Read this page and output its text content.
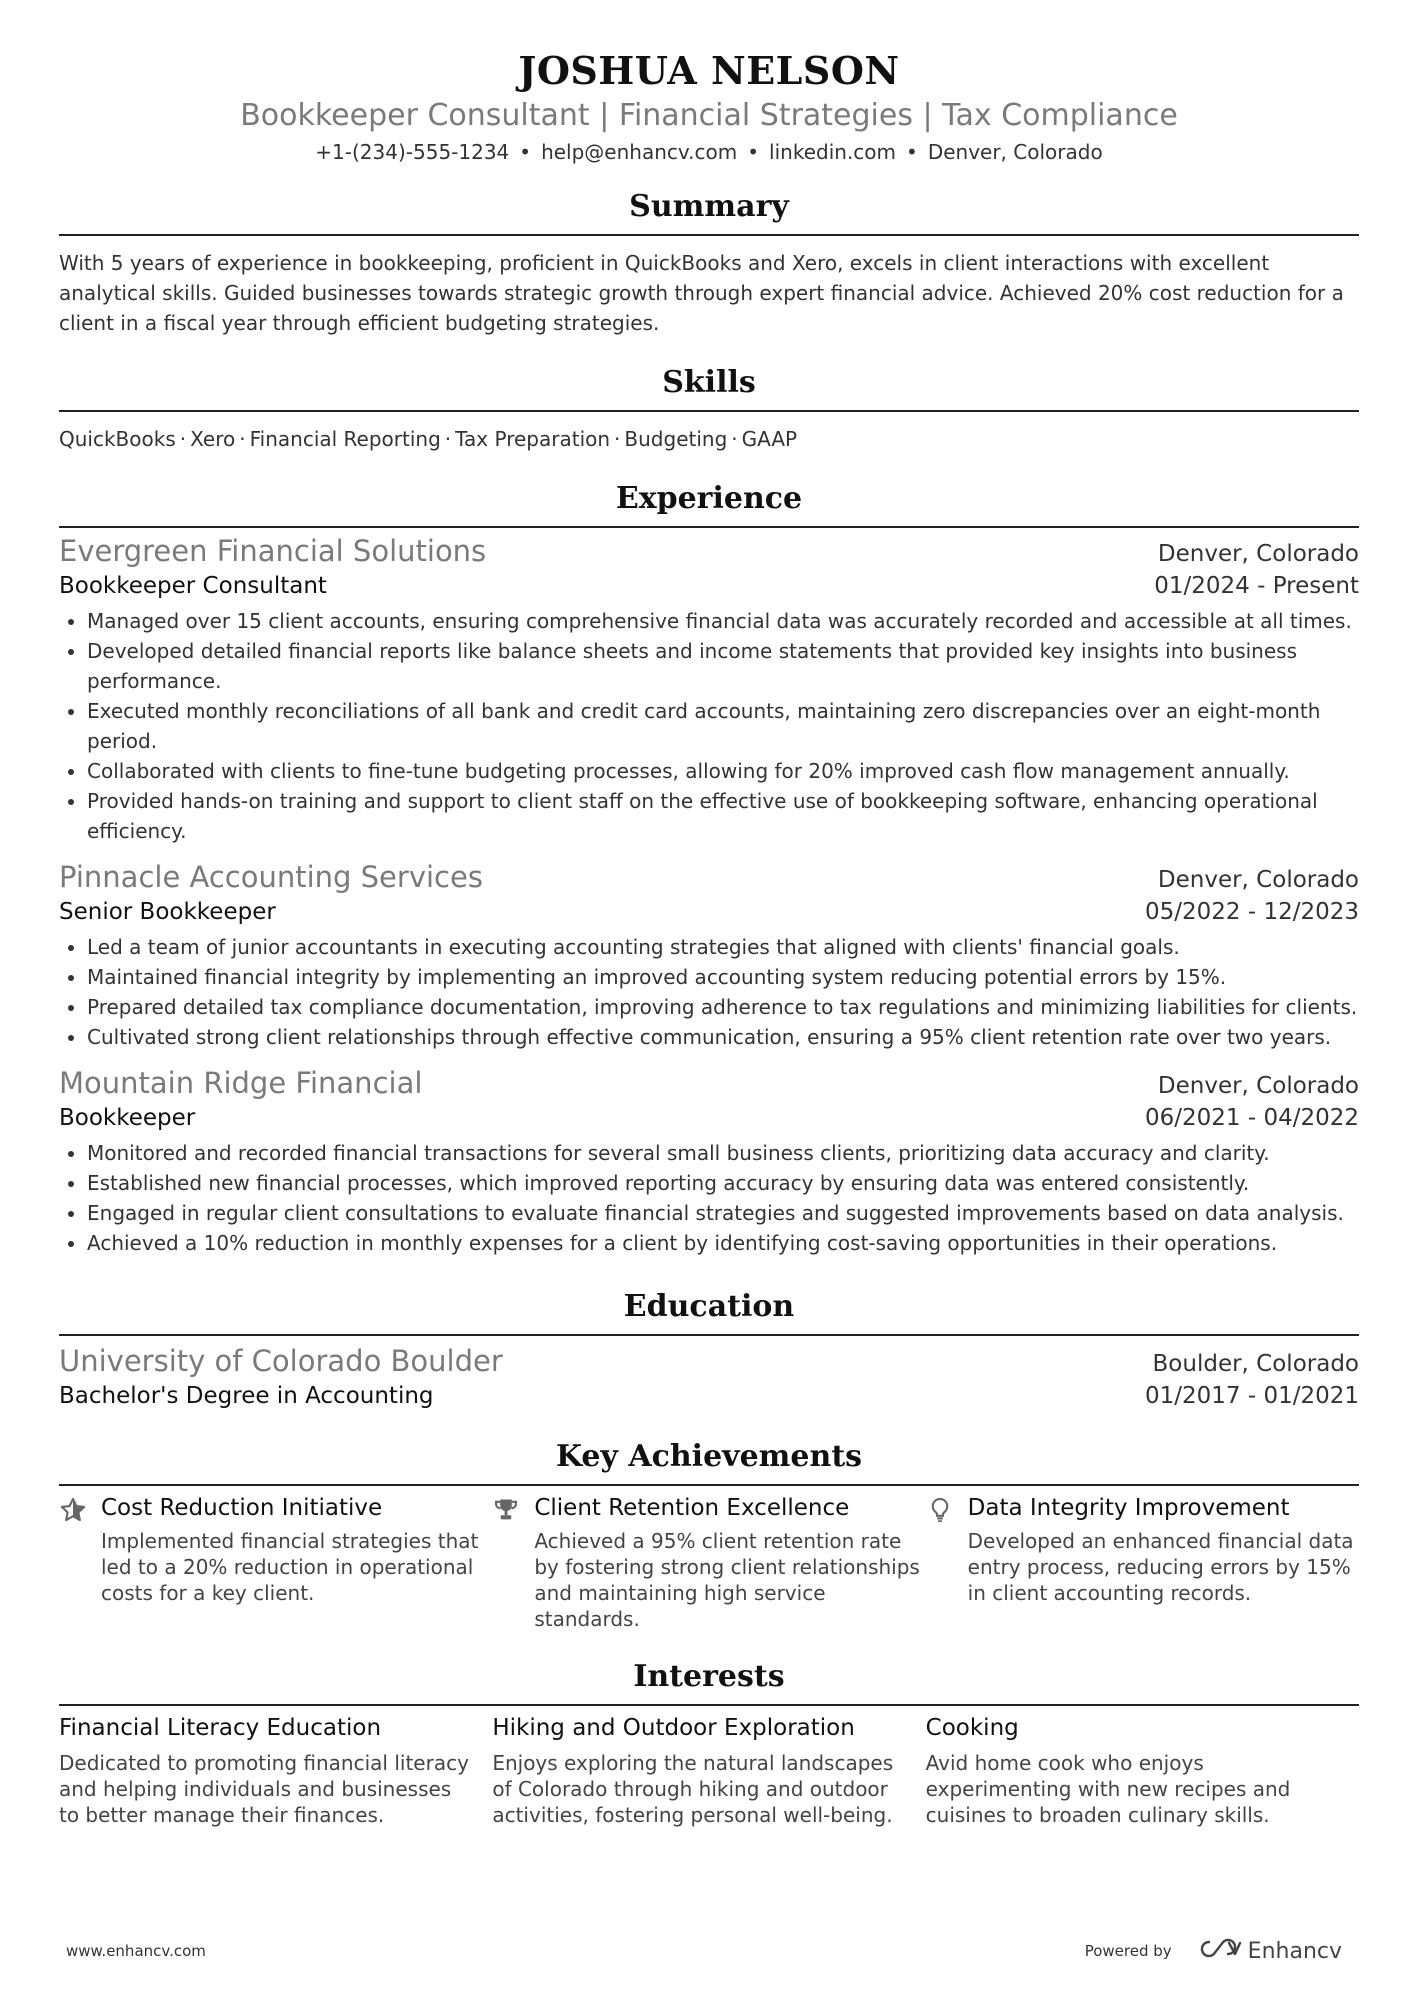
JOSHUA NELSON
Bookkeeper Consultant | Financial Strategies | Tax Compliance
+1-(234)-555-1234 • help@enhancv.com • linkedin.com • Denver, Colorado
Summary
With 5 years of experience in bookkeeping, proficient in QuickBooks and Xero, excels in client interactions with excellent analytical skills. Guided businesses towards strategic growth through expert financial advice. Achieved 20% cost reduction for a client in a fiscal year through efficient budgeting strategies.
Skills
QuickBooks · Xero · Financial Reporting · Tax Preparation · Budgeting · GAAP
Experience
Evergreen Financial Solutions	Denver, Colorado
Bookkeeper Consultant	01/2024 - Present
• Managed over 15 client accounts, ensuring comprehensive financial data was accurately recorded and accessible at all times.
• Developed detailed financial reports like balance sheets and income statements that provided key insights into business performance.
• Executed monthly reconciliations of all bank and credit card accounts, maintaining zero discrepancies over an eight-month period.
• Collaborated with clients to fine-tune budgeting processes, allowing for 20% improved cash flow management annually.
• Provided hands-on training and support to client staff on the effective use of bookkeeping software, enhancing operational efficiency.
Pinnacle Accounting Services	Denver, Colorado
Senior Bookkeeper	05/2022 - 12/2023
• Led a team of junior accountants in executing accounting strategies that aligned with clients' financial goals.
• Maintained financial integrity by implementing an improved accounting system reducing potential errors by 15%.
• Prepared detailed tax compliance documentation, improving adherence to tax regulations and minimizing liabilities for clients.
• Cultivated strong client relationships through effective communication, ensuring a 95% client retention rate over two years.
Mountain Ridge Financial	Denver, Colorado
Bookkeeper	06/2021 - 04/2022
• Monitored and recorded financial transactions for several small business clients, prioritizing data accuracy and clarity.
• Established new financial processes, which improved reporting accuracy by ensuring data was entered consistently.
• Engaged in regular client consultations to evaluate financial strategies and suggested improvements based on data analysis.
• Achieved a 10% reduction in monthly expenses for a client by identifying cost-saving opportunities in their operations.
Education
University of Colorado Boulder	Boulder, Colorado
Bachelor's Degree in Accounting	01/2017 - 01/2021
Key Achievements
Cost Reduction Initiative
Implemented financial strategies that led to a 20% reduction in operational costs for a key client.
Client Retention Excellence
Achieved a 95% client retention rate by fostering strong client relationships and maintaining high service standards.
Data Integrity Improvement
Developed an enhanced financial data entry process, reducing errors by 15% in client accounting records.
Interests
Financial Literacy Education
Dedicated to promoting financial literacy and helping individuals and businesses to better manage their finances.
Hiking and Outdoor Exploration
Enjoys exploring the natural landscapes of Colorado through hiking and outdoor activities, fostering personal well-being.
Cooking
Avid home cook who enjoys experimenting with new recipes and cuisines to broaden culinary skills.
www.enhancv.com	Powered by	Enhancv
